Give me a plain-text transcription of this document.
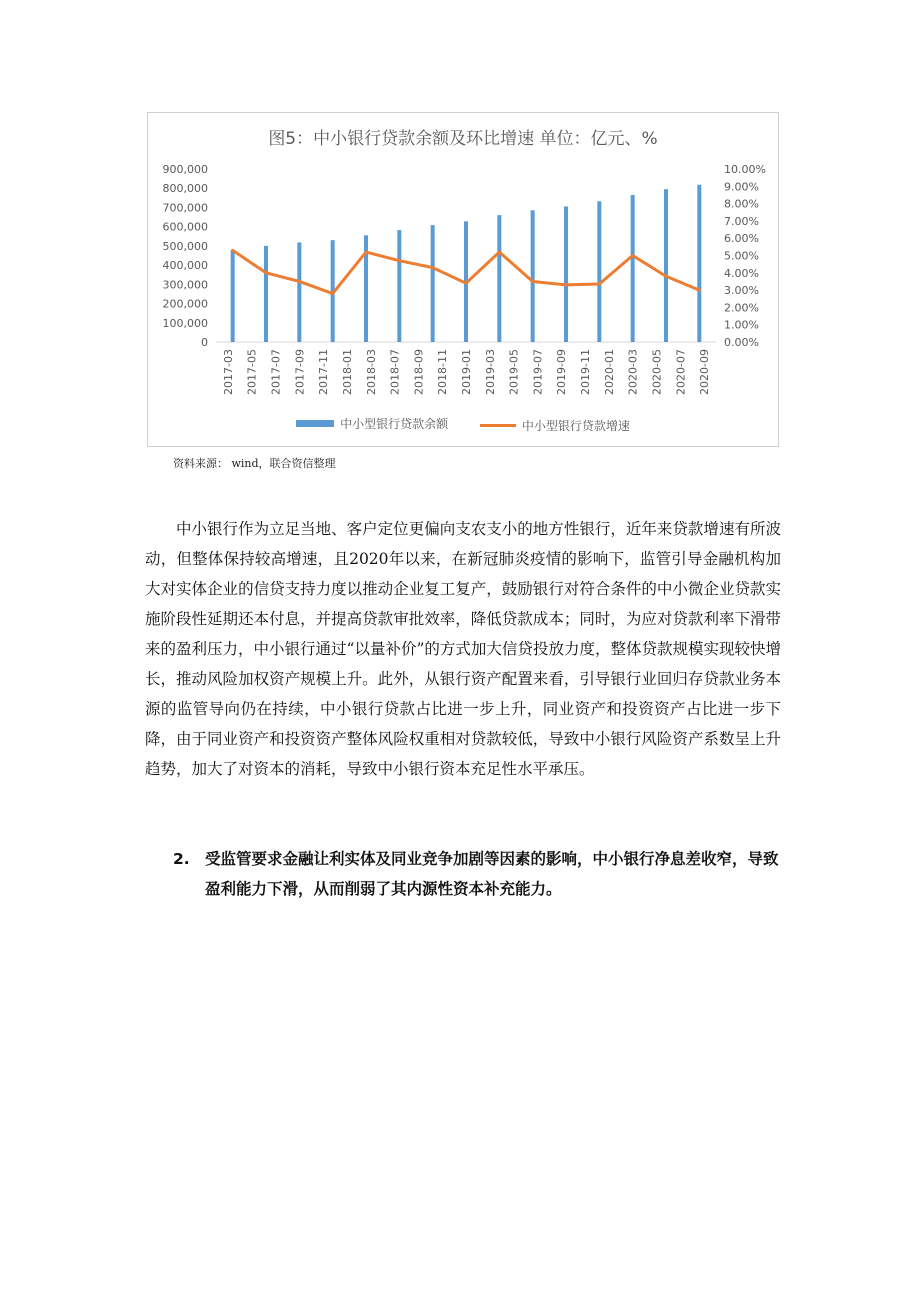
图5：中小银行贷款余额及环比增速 单位：亿元、%
0
100,000
200,000
300,000
400,000
500,000
600,000
700,000
800,000
900,000
0.00%
1.00%
2.00%
3.00%
4.00%
5.00%
6.00%
7.00%
8.00%
9.00%
10.00%
2017-03 2017-05 2017-07 2017-09 2017-11 2018-01 2018-03 2018-07 2018-09 2018-11 2019-01 2019-03 2019-05 2019-07 2019-09 2019-11 2020-01 2020-03 2020-05 2020-07 2020-09
中小型银行贷款余额
	中小型银行贷款增速
资料来源： wind，联合资信整理

中小银行作为立足当地、客户定位更偏向支农支小的地方性银行，近年来贷款增速有所波动，但整体保持较高增速，且2020年以来，在新冠肺炎疫情的影响下，监管引导金融机构加大对实体企业的信贷支持力度以推动企业复工复产，鼓励银行对符合条件的中小微企业贷款实施阶段性延期还本付息，并提高贷款审批效率，降低贷款成本；同时，为应对贷款利率下滑带来的盈利压力，中小银行通过“以量补价”的方式加大信贷投放力度，整体贷款规模实现较快增长，推动风险加权资产规模上升。此外，从银行资产配置来看，引导银行业回归存贷款业务本源的监管导向仍在持续，中小银行贷款占比进一步上升，同业资产和投资资产占比进一步下降，由于同业资产和投资资产整体风险权重相对贷款较低，导致中小银行风险资产系数呈上升趋势，加大了对资本的消耗，导致中小银行资本充足性水平承压。

2. 受监管要求金融让利实体及同业竞争加剧等因素的影响，中小银行净息差收窄，导致盈利能力下滑，从而削弱了其内源性资本补充能力。
